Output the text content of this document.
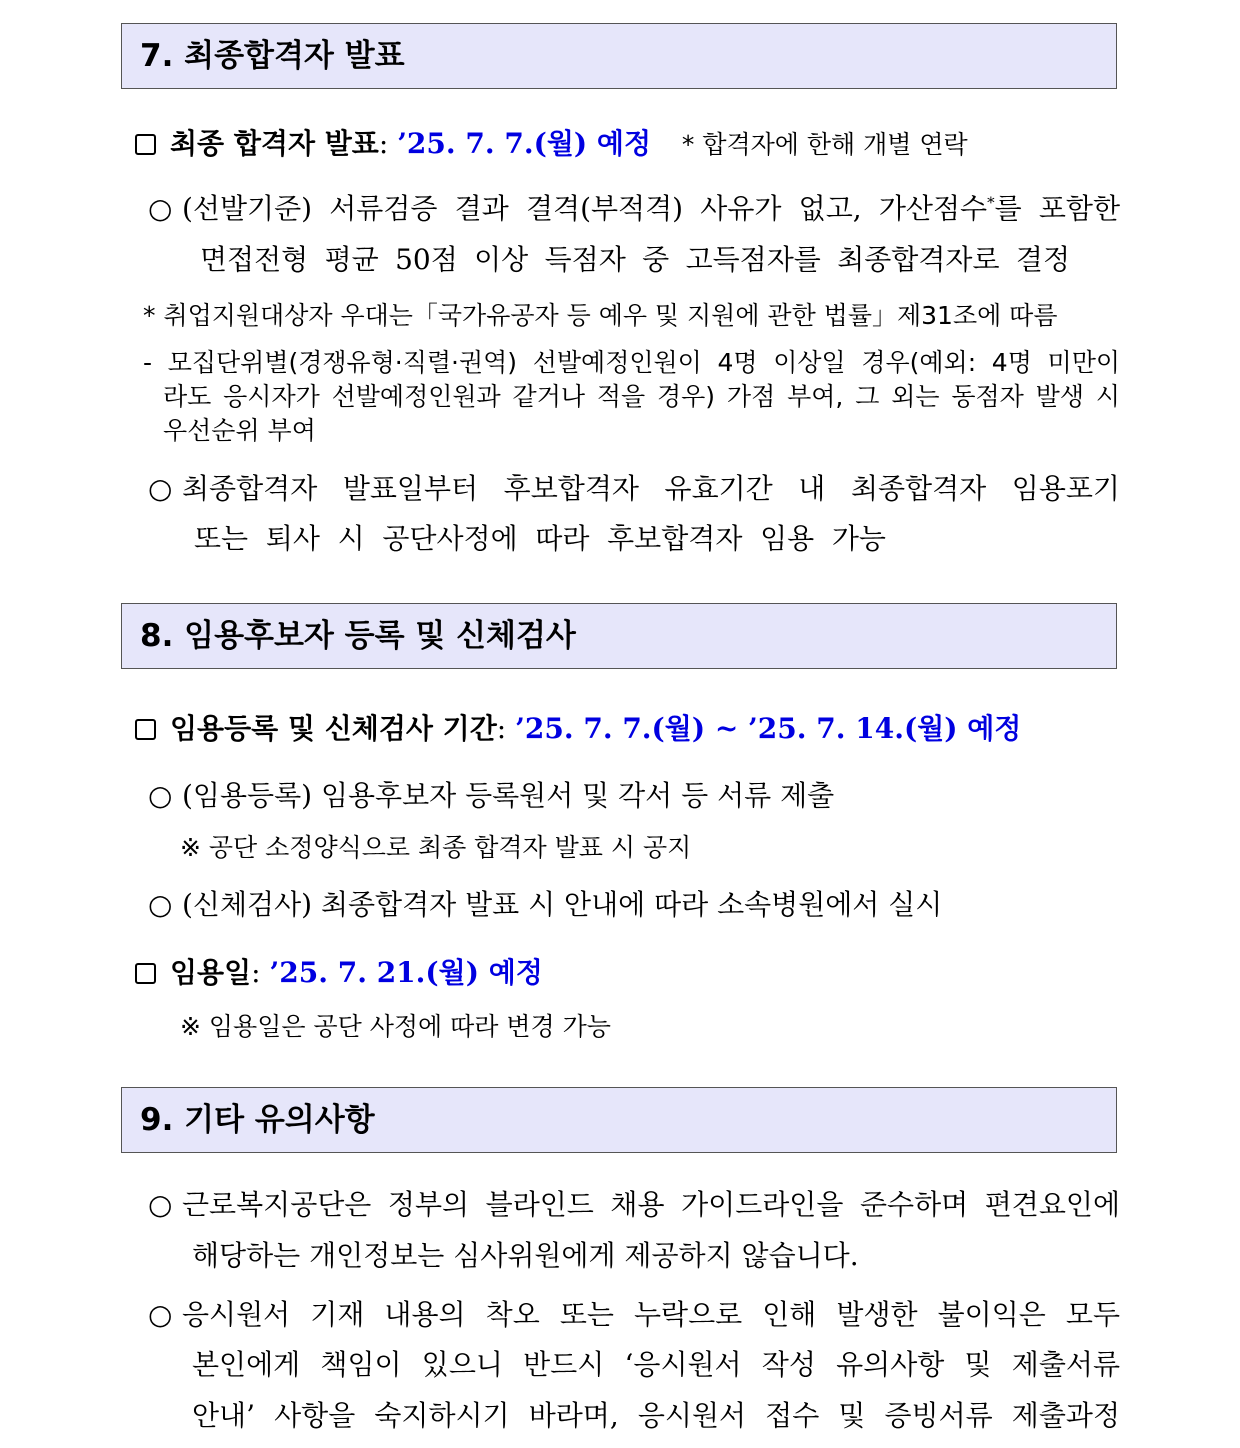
7. 최종합격자 발표
최종 합격자 발표: ’25. 7. 7.(월) 예정 * 합격자에 한해 개별 연락
○ (선발기준) 서류검증 결과 결격(부적격) 사유가 없고, 가산점수*를 포함한
면접전형 평균 50점 이상 득점자 중 고득점자를 최종합격자로 결정
* 취업지원대상자 우대는「국가유공자 등 예우 및 지원에 관한 법률」제31조에 따름
- 모집단위별(경쟁유형·직렬·권역) 선발예정인원이 4명 이상일 경우(예외: 4명 미만이
라도 응시자가 선발예정인원과 같거나 적을 경우) 가점 부여, 그 외는 동점자 발생 시
우선순위 부여
○ 최종합격자 발표일부터 후보합격자 유효기간 내 최종합격자 임용포기
또는 퇴사 시 공단사정에 따라 후보합격자 임용 가능
8. 임용후보자 등록 및 신체검사
임용등록 및 신체검사 기간: ’25. 7. 7.(월) ~ ’25. 7. 14.(월) 예정
○ (임용등록) 임용후보자 등록원서 및 각서 등 서류 제출
※ 공단 소정양식으로 최종 합격자 발표 시 공지
○ (신체검사) 최종합격자 발표 시 안내에 따라 소속병원에서 실시
임용일: ’25. 7. 21.(월) 예정
※ 임용일은 공단 사정에 따라 변경 가능
9. 기타 유의사항
○ 근로복지공단은 정부의 블라인드 채용 가이드라인을 준수하며 편견요인에
해당하는 개인정보는 심사위원에게 제공하지 않습니다.
○ 응시원서 기재 내용의 착오 또는 누락으로 인해 발생한 불이익은 모두
본인에게 책임이 있으니 반드시 ‘응시원서 작성 유의사항 및 제출서류
안내’ 사항을 숙지하시기 바라며, 응시원서 접수 및 증빙서류 제출과정
